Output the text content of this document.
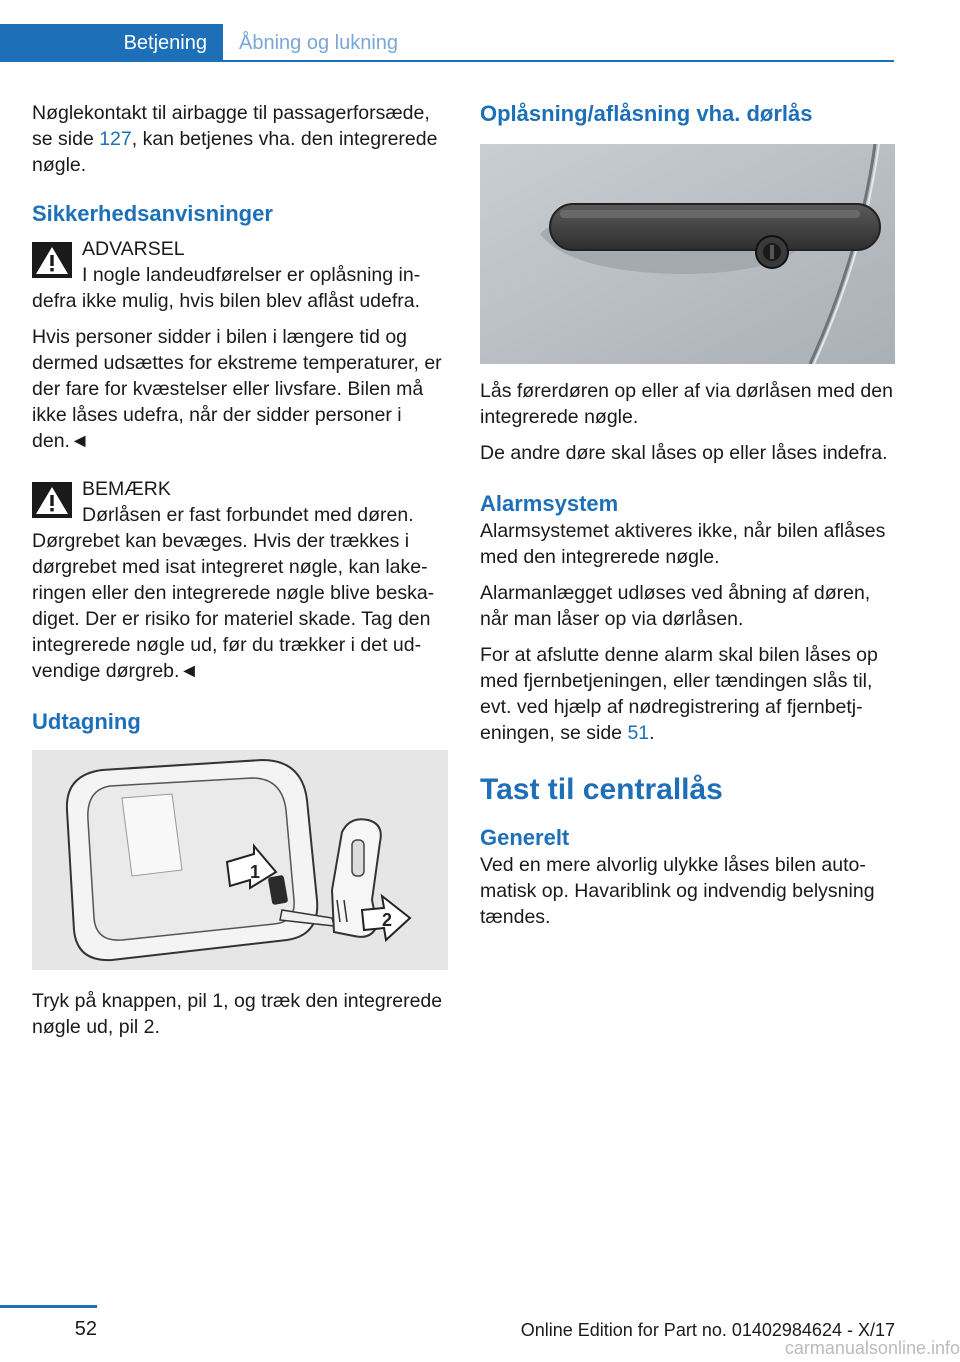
Betjening Åbning og lukning

Nøglekontakt til airbagge til passagerforsæde, se side 127, kan betjenes vha. den integrerede nøgle.

Sikkerhedsanvisninger
ADVARSEL

I nogle landeudførelser er oplåsning indefra ikke mulig, hvis bilen blev aflåst udefra.

Hvis personer sidder i bilen i længere tid og dermed udsættes for ekstreme temperaturer, er der fare for kvæstelser eller livsfare. Bilen må ikke låses udefra, når der sidder personer i den.◄

BEMÆRK

Dørlåsen er fast forbundet med døren. Dørgrebet kan bevæges. Hvis der trækkes i dørgrebet med isat integreret nøgle, kan lakeringen eller den integrerede nøgle blive beskadiget. Der er risiko for materiel skade. Tag den integrerede nøgle ud, før du trækker i det udvendige dørgreb.◄

Udtagning
1
2

Tryk på knappen, pil 1, og træk den integrerede nøgle ud, pil 2.

Oplåsning/aflåsning vha. dørlås

Lås førerdøren op eller af via dørlåsen med den integrerede nøgle.

De andre døre skal låses op eller låses indefra.

Alarmsystem

Alarmsystemet aktiveres ikke, når bilen aflåses med den integrerede nøgle.

Alarmanlægget udløses ved åbning af døren, når man låser op via dørlåsen.

For at afslutte denne alarm skal bilen låses op med fjernbetjeningen, eller tændingen slås til, evt. ved hjælp af nødregistrering af fjernbetjeningen, se side 51.

Tast til centrallås
Generelt

Ved en mere alvorlig ulykke låses bilen automatisk op. Havariblink og indvendig belysning tændes.

52	Online Edition for Part no. 01402984624 - X/17
carmanualsonline.info
